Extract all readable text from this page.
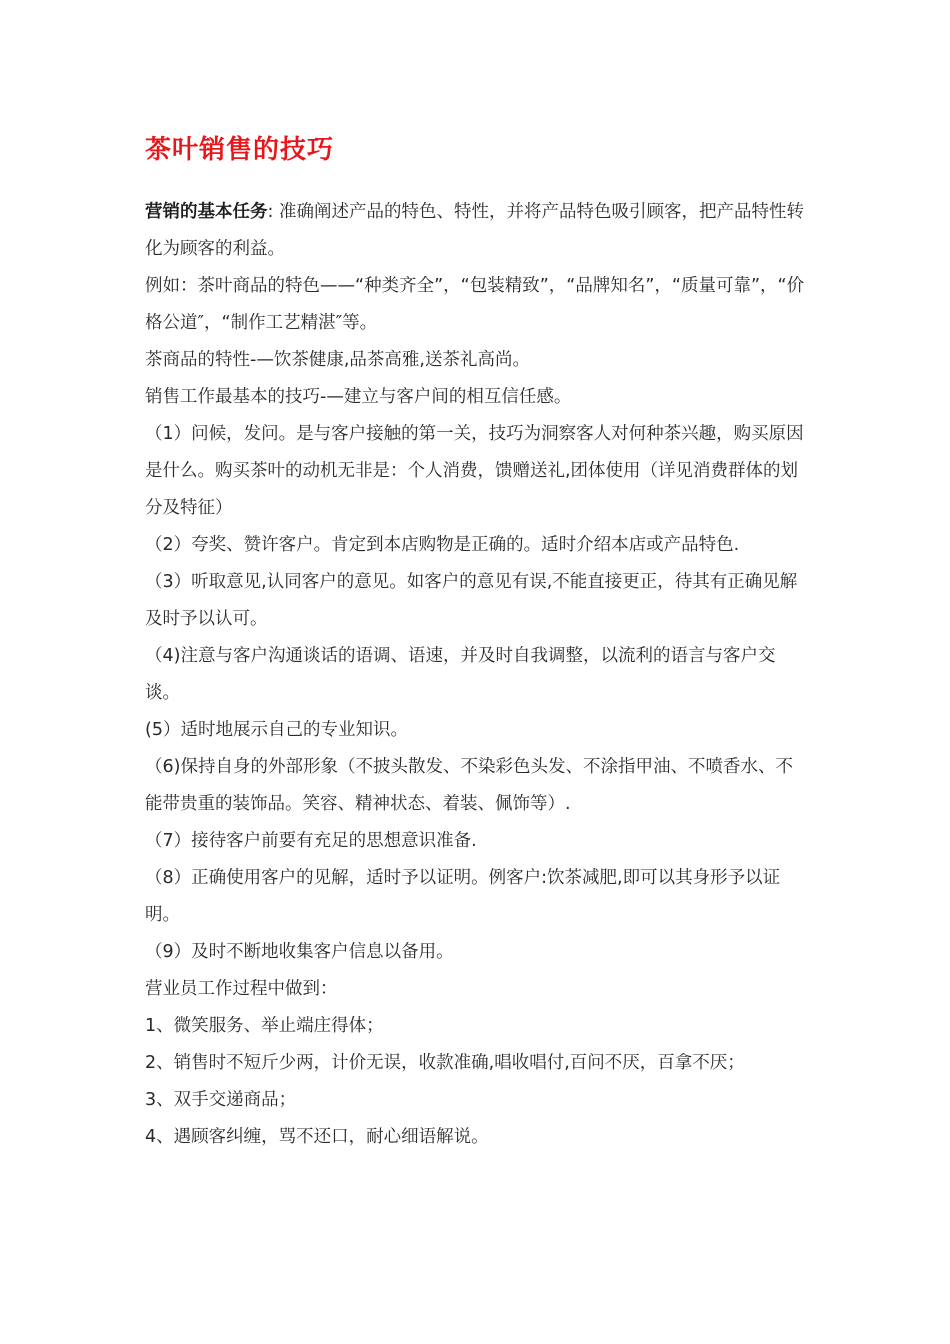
茶叶销售的技巧

营销的基本任务: 准确阐述产品的特色、特性，并将产品特色吸引顾客，把产品特性转化为顾客的利益。

例如：茶叶商品的特色——“种类齐全”，“包装精致”，“品牌知名”，“质量可靠”，“价格公道″，“制作工艺精湛″等。

茶商品的特性-—饮茶健康,品茶高雅,送茶礼高尚。

销售工作最基本的技巧-—建立与客户间的相互信任感。

（1）问候，发问。是与客户接触的第一关，技巧为洞察客人对何种茶兴趣，购买原因是什么。购买茶叶的动机无非是：个人消费，馈赠送礼,团体使用（详见消费群体的划分及特征）

（2）夸奖、赞许客户。肯定到本店购物是正确的。适时介绍本店或产品特色.

（3）听取意见,认同客户的意见。如客户的意见有误,不能直接更正，待其有正确见解及时予以认可。

（4)注意与客户沟通谈话的语调、语速，并及时自我调整，以流利的语言与客户交谈。

(5）适时地展示自己的专业知识。

（6)保持自身的外部形象（不披头散发、不染彩色头发、不涂指甲油、不喷香水、不能带贵重的装饰品。笑容、精神状态、着装、佩饰等）.

（7）接待客户前要有充足的思想意识准备.

（8）正确使用客户的见解，适时予以证明。例客户:饮茶减肥,即可以其身形予以证明。

（9）及时不断地收集客户信息以备用。

营业员工作过程中做到：

1、微笑服务、举止端庄得体；

2、销售时不短斤少两，计价无误，收款准确,唱收唱付,百问不厌，百拿不厌；

3、双手交递商品；

4、遇顾客纠缠，骂不还口，耐心细语解说。
